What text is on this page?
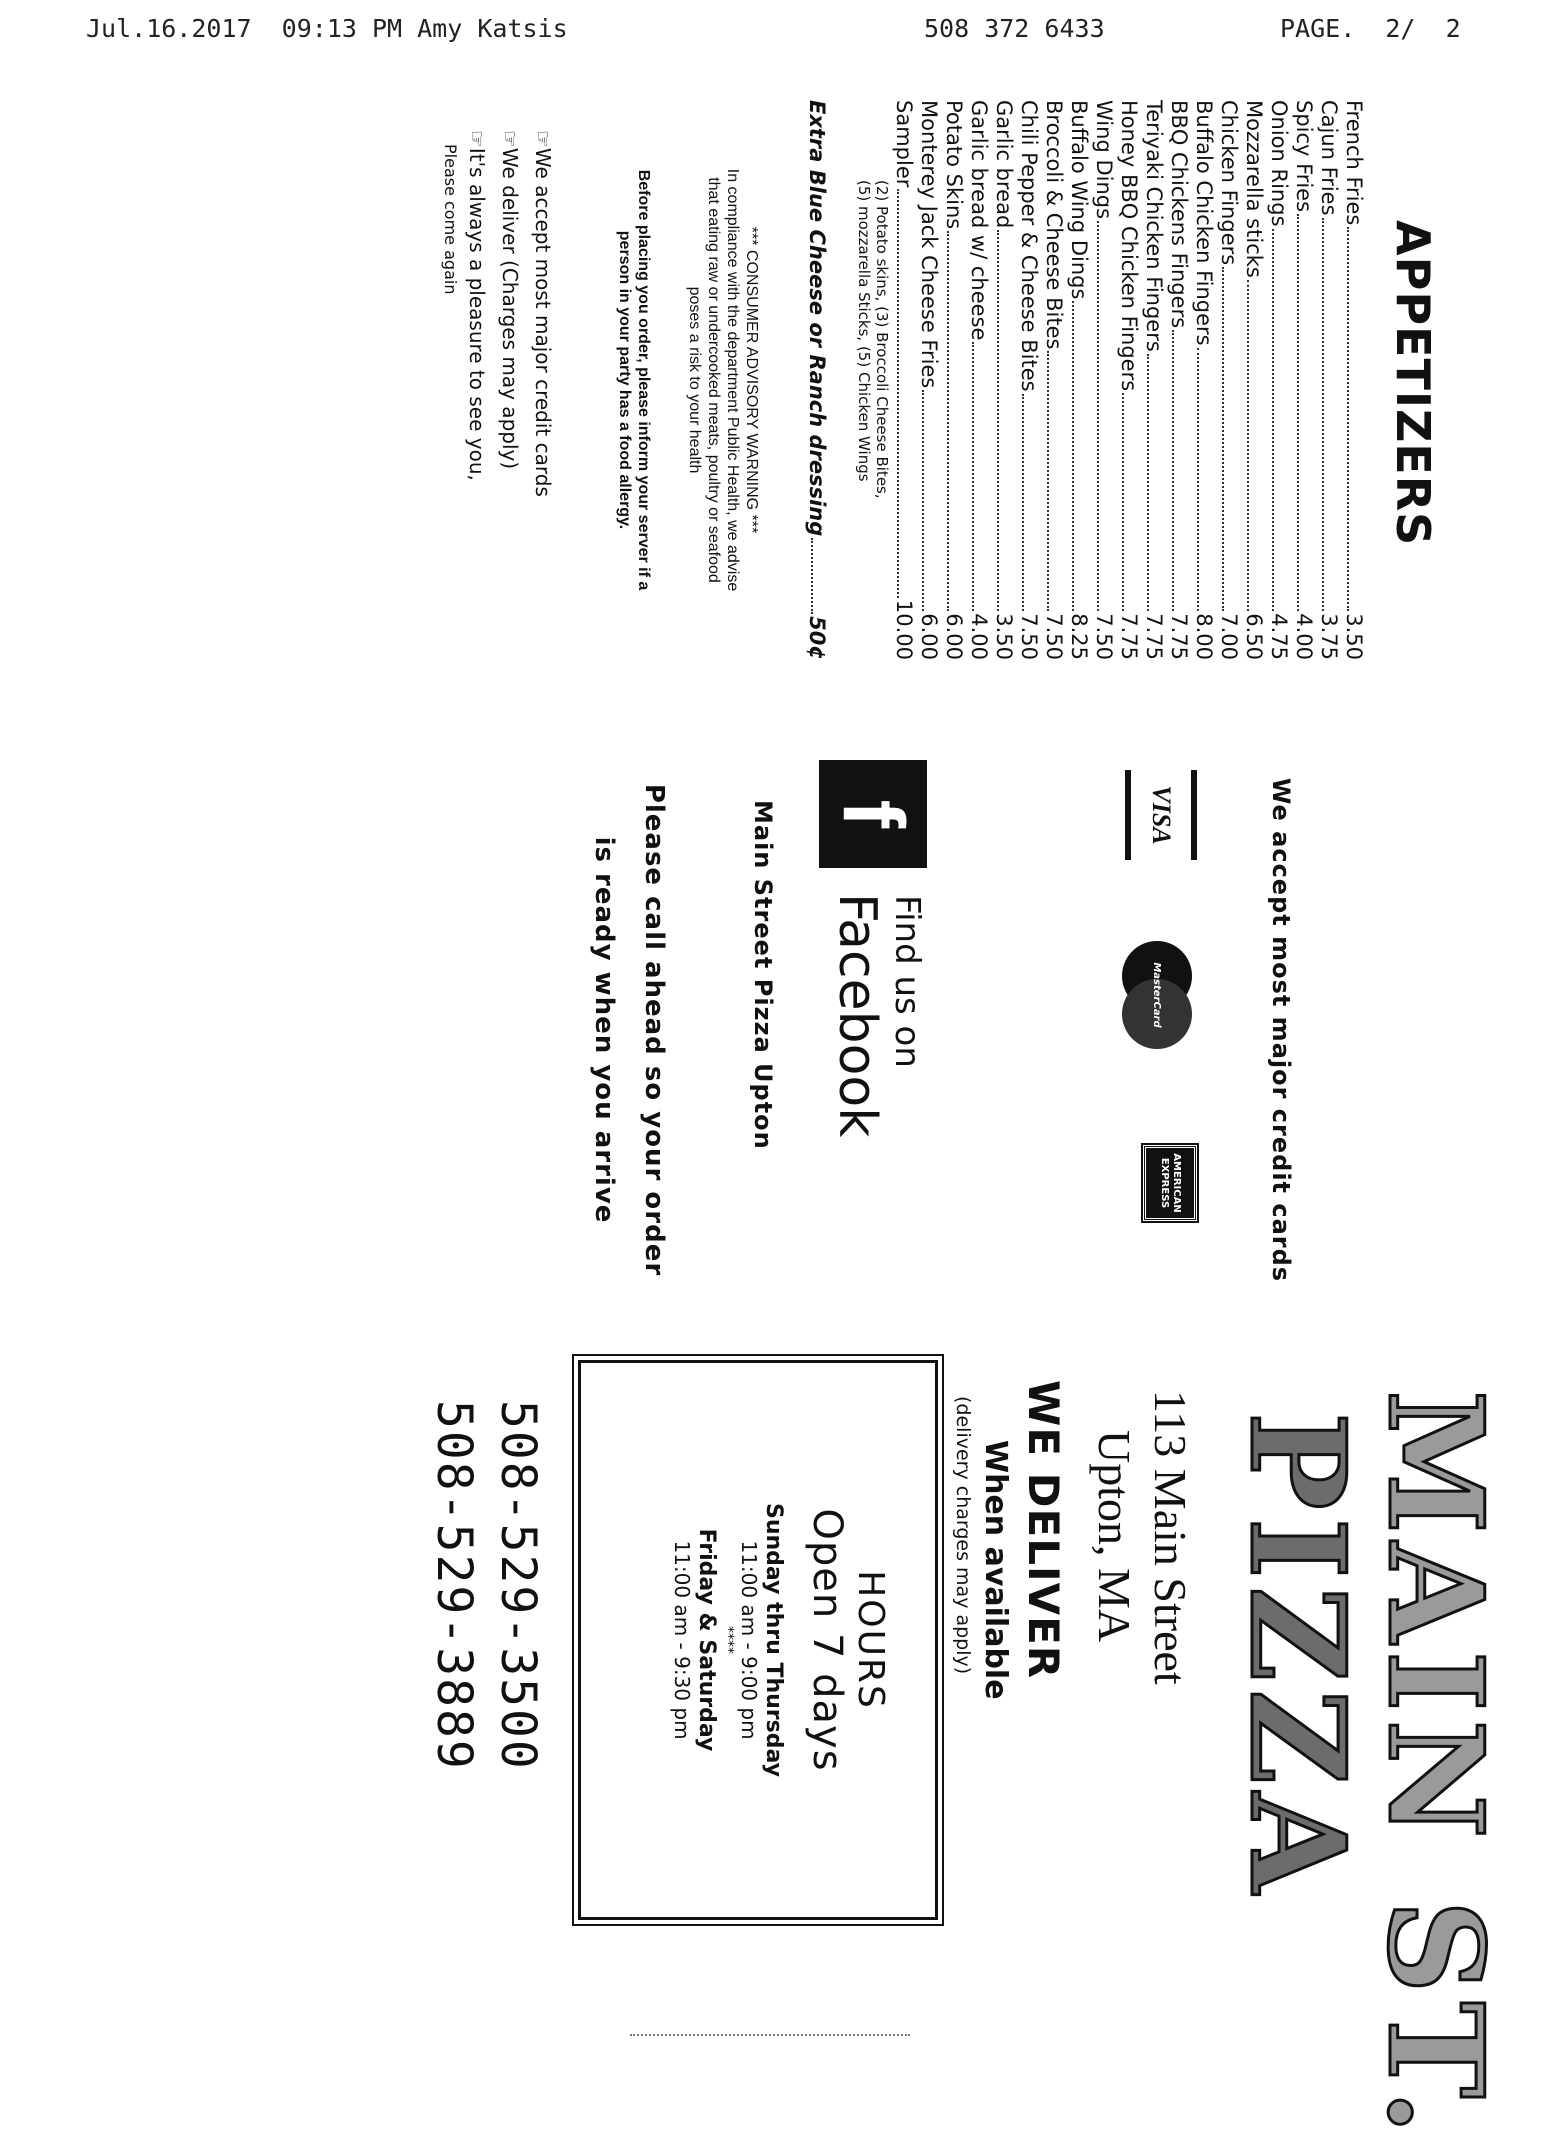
Jul.16.2017  09:13 PM Amy Katsis	508 372 6433	PAGE.  2/  2
APPETIZERS
French Fries
3.50
Cajun Fries
3.75
Spicy Fries
4.00
Onion Rings
4.75
Mozzarella sticks
6.50
Chicken Fingers
7.00
Buffalo Chicken Fingers
8.00
BBQ Chickens Fingers
7.75
Teriyaki Chicken Fingers
7.75
Honey BBQ Chicken Fingers
7.75
Wing Dings
7.50
Buffalo Wing Dings
8.25
Broccoli & Cheese Bites
7.50
Chili Pepper & Cheese Bites
7.50
Garlic bread
3.50
Garlic bread w/ cheese
4.00
Potato Skins
6.00
Monterey Jack Cheese Fries
6.00
Sampler
10.00
(2) Potato skins, (3) Broccoli Cheese Bites,
(5) mozzarella Sticks, (5) Chicken Wings
Extra Blue Cheese or Ranch dressing
50¢
*** CONSUMER ADVISORY WARNING ***
In compliance with the department Public Health, we advise
that eating raw or undercooked meats, poultry or seafood
poses a risk to your health
Before placing you order, please inform your server if a
person in your party has a food allergy.
☞We accept most major credit cards
☞We deliver (Charges may apply)
☞It's always a pleasure to see you,
Please come again
We accept most major credit cards
VISA
MasterCard
AMERICAN
EXPRESS
f
Find us on
Facebook
Main Street Pizza Upton
Please call ahead so your order
is ready when you arrive
MAIN ST.
PIZZA
113 Main Street
Upton, MA
WE DELIVER
When available
(delivery charges may apply)
HOURS
Open 7 days
Sunday thru Thursday
11:00 am - 9:00 pm
****
Friday & Saturday
11:00 am - 9:30 pm
508-529-3500
508-529-3889
